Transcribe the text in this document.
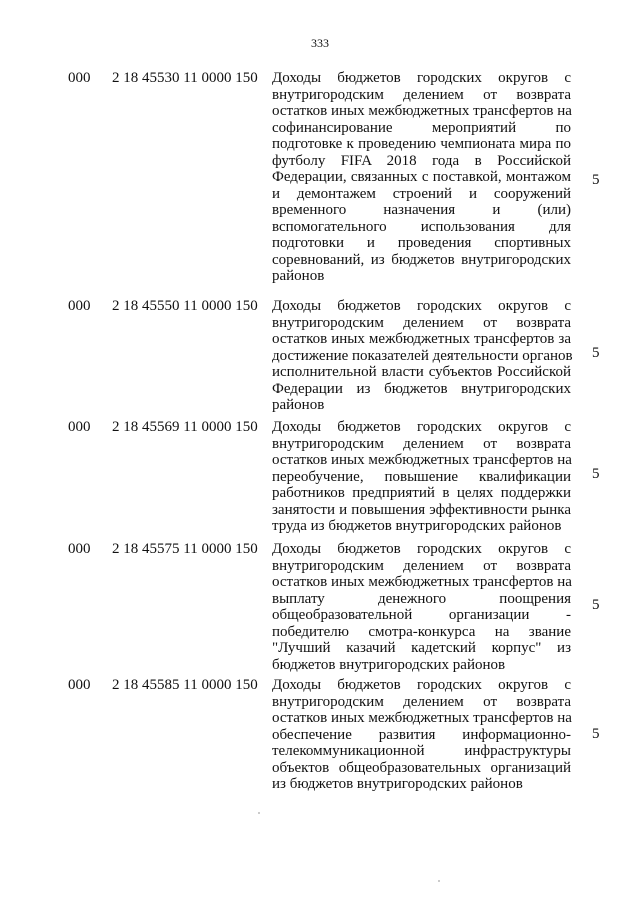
333
000	2 18 45530 11 0000 150 Доходы бюджетов городских округов с
внутригородским делением от возврата
остатков иных межбюджетных трансфертов на
софинансирование мероприятий по
подготовке к проведению чемпионата мира по
футболу FIFA 2018 года в Российской
Федерации, связанных с поставкой, монтажом
и демонтажем строений и сооружений
временного назначения и (или)
вспомогательного использования для
подготовки и проведения спортивных
соревнований, из бюджетов внутригородских
районов
5
000	2 18 45550 11 0000 150 Доходы бюджетов городских округов с
внутригородским делением от возврата
остатков иных межбюджетных трансфертов за
достижение показателей деятельности органов
исполнительной власти субъектов Российской
Федерации из бюджетов внутригородских
районов
5
000	2 18 45569 11 0000 150 Доходы бюджетов городских округов с
внутригородским делением от возврата
остатков иных межбюджетных трансфертов на
переобучение, повышение квалификации
работников предприятий в целях поддержки
занятости и повышения эффективности рынка
труда из бюджетов внутригородских районов
5
000	2 18 45575 11 0000 150 Доходы бюджетов городских округов с
внутригородским делением от возврата
остатков иных межбюджетных трансфертов на
выплату денежного поощрения
общеобразовательной организации -
победителю смотра-конкурса на звание
"Лучший казачий кадетский корпус" из
бюджетов внутригородских районов
5
000	2 18 45585 11 0000 150 Доходы бюджетов городских округов с
внутригородским делением от возврата
остатков иных межбюджетных трансфертов на
обеспечение развития информационно-
телекоммуникационной инфраструктуры
объектов общеобразовательных организаций
из бюджетов внутригородских районов
5
